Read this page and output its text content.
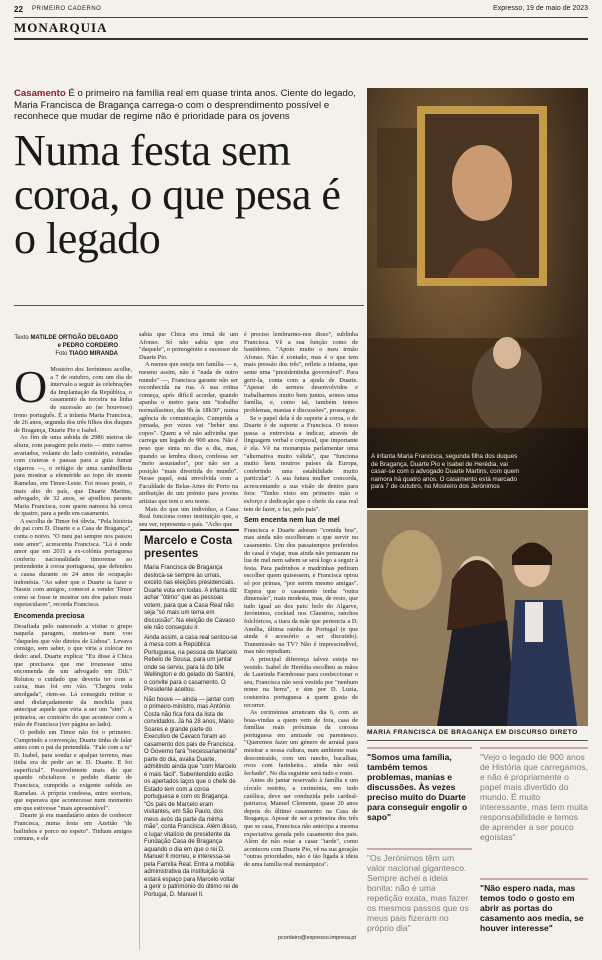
22 PRIMEIRO CADERNO	Expresso, 19 de maio de 2023
MONARQUIA
Casamento É o primeiro na família real em quase trinta anos. Ciente do legado, Maria Francisca de Bragança carrega-o com o desprendimento possível e reconhece que mudar de regime não é prioridade para os jovens
Numa festa sem coroa, o que pesa é o legado
Texto MATILDE ORTIGÃO DELGADO e PEDRO CORDEIRO
Foto TIAGO MIRANDA
O Mosteiro dos Jerónimos acolhe, a 7 de outubro, com um dia de intervalo a seguir às celebrações da Implantação da República, o casamento da terceira na linha de sucessão ao (se houvesse) trono português. É a infanta Maria Francisca, de 26 anos, segunda dos três filhos dos duques de Bragança, Duarte Pio e Isabel.

Ao fim de uma subida de 2986 metros de altura, com paragem pelo meio — entre carros avariados, volante do lado contrário, estradas com crateras e pausas para a guia fumar cigarros —, o refúgio de uma cambuflhota para mostrar a efeméride ao topo do monte Ramelau, em Timor-Leste. Foi nosso posto, o mais alto do país, que Duarte Martins, advogado, de 32 anos, se ajoelhou perante Maria Francisca, com quem namora há cerca de quatro, para a pedir em casamento.

A escolha de Timor foi óbvia. "Pela história do pai com D. Duarte e a Casa de Bragança", conta o noivo. "O meu pai sempre nos passou este amor", acrescenta Francisca. "Lá é onde amor que em 2011 a ex-colónia portuguesa conferiu nacionalidade timorense ao pretendente à coroa portuguesa, que defendeu a causa durante os 24 anos de ocupação indonésia. "Ao saber que o Duarte ia fazer o Nassiz com amigos, comecei a vender Timor como se fosse te mostrar um dos países mais espetaculares", recorda Francisca.

Encomenda preciosa

Desafiada pelo namorado a visitar o grupo naquela paragem, meteu-se num voo "daqueles que vão diretos de Lisboa". Levava consigo, sem saber, o que viria a colocar no dedo: anel. Duarte explica: "Eu disse à Chica que precisava que me trouxesse uma encomenda de um advogado em Dili." Relutou o cuidado que deveria ter com a caixa, mas foi em vão. "Chegou toda amolgada", riem-se. Lá conseguiu retirar o anel disfarçadamente da mochila para antecipar aquele que viria a ser um "sim". A primeira, ao contrário do que acontece com a mão de Francisca (ver página ao lado).

O pedido em Timor não foi o primeiro. Cumprindo a convenção, Duarte tinha de falar antes com o pai da pretendida. "Fale com a tu" D. Isabel, para sondar e apalpar terreno, mas tinha era de pedir ao sr. D. Duarte. E foi superficial". Possivelmente mais do que quando oficializou o pedido diante de Francisca, cumprida a exigente subida ao Ramelau. A própria confessa, entre sorrisos, que esperava que acontecesse num momento em que estivesse "mais apresentável".

Duarte já era mandatário antes de conhecer Francisca, numa festa em Azeitão "de bailinhos e porco no espeto". Tinham amigos comuns, e ele

sabia que Chica era irmã de um Afonso. Só não sabia que era "daquele", o primogénito e sucessor de Duarte Pio.

A menos que esteja em família — e, mesmo assim, não é "nada de outro mundo" —, Francisca garante não ser reconhecida na rua. A sua rotina começa, após difícil acordar, quando apanha o metro para um "trabalho normalíssimo, das 9h às 18h30", numa agência de comunicação. Cumprida a jornada, por vezes vai "beber uns copos". Quem a vê não adivinha que carrega um legado de 900 anos. Não é peso que sinta no dia a dia, mas, quando se lembra disso, confessa ser "meio assustador", por não ser a posição "mais divertida do mundo". Nesse papel, está envolvida com a Faculdade de Belas-Artes do Porto na atribuição de um prémio para jovens artistas que tem o seu nome.

Mais do que um indivíduo, a Casa Real funciona como instituição que, a seu ver, representa o país. "Acho que

Marcelo e Costa presentes

Maria Francisca de Bragança desloca-se sempre às urnas, exceto nas eleições presidenciais. Duarte vota em todas. A infanta diz achar "ótimo" que as pessoas votem, para que a Casa Real não seja "só mais um tema em discussão". Na eleição de Cavaco ele não conseguiu ir.

Ainda assim, a casa real sentou-se à mesa com a República Portuguesa, na pessoa de Marcelo Rebelo de Sousa, para um jantar onde se serviu, para lá do bife Wellington e do gelado do Santini, o convite para o casamento. O Presidente aceitou.

Não houve — ainda — jantar com o primeiro-ministro, mas António Costa não fica fora da lista de convidados. Já há 28 anos, Mário Soares e grande parte do Executivo de Cavaco foram ao casamento dos pais de Francisca. O Governo fará "necessariamente" parte do dia, avalia Duarte, admitindo ainda que "com Marcelo é mais fácil". Subentendido estão os apertados laços que o chefe de Estado tem com a coroa portuguesa e com os Bragança. "Os pais de Marcelo eram visitantes, em São Paulo, dos meus avós da parte da minha mãe", conta Francisca. Além disso, o lugar vitalício de presidente da Fundação Casa de Bragança aquando o dia em que o rei D. Manuel II morreu, e interessa-se pela Família Real. Entra a mobilia administrativa da instituição lá estará espaço para Marcelo voltar a gerir o património do último rei de Portugal, D. Manuel II.

é preciso lembrarmo-nos disso", sublinha Francisca. Vê a sua função como de bastidores. "Apoio muito o meu irmão Afonso. Não é contado, mas é o que tem mais pressão dos três", reflete a infanta, que sente uma "presidentinha governável". Para gerir-la, conta com a ajuda de Duarte. "Apesar de sermos desenvolvidos e trabalharmos muito bem juntos, somos uma família, e, como tal, também temos problemas, manias e discussões", prossegue.

Se o papel dela é de suporte à coroa, o de Duarte é de suporte a Francisca. O nosso passa a entrevista a indicar, através de linguagem verbal e corporal, que importante é ela. Vê na monarquia parlamentar uma "alternativa muito válida", que "funciona muito bem noutros países da Europa, conferindo uma estabilidade muito particular". A sua futura mulher concorda, acrescentando a sua visão de dentro para fora: "Tenho visto em primeiro mão o esforço e dedicação que o chefe da casa real tem de fazer, e faz, pelo país".

Sem encenta nem lua de mel

Francisca e Duarte adoram "comida boa", mas ainda não escolheram o que servir no casamento. Um dos passatempos preferidos do casal é viajar, mas ainda não pensaram na lua de mel nem sabem se será logo a seguir à festa. Para padrinhos e madrinhas pediram escolher quem quisessem, e Francisca optou só por primas, "por serem mesmo amigas". Espera que o casamento tenha "outra dimensão", mais modesta, mas, de resto, que tudo igual ao dos pais: bolo do Algarve, Jerónimos, cocktail nos Claustros, ranchos folclóricos, a tiara da mãe que pertencia a D. Amélia, última rainha de Portugal (e que ainda é acessório a ser discutido). Transmissão na TV? Não é imprescindível, mas não repudiam.

A principal diferença talvez esteja no vestido. Isabel de Herédia escolheu as mãos de Laurinda Farmhouse para confeccionar o seu, Francisca não será vestida por "nenhum nome na berra", e sim por D. Luzia, costureira portuguesa a quem gosta de recorrer.

As cerimónias arrancam dia 6, com as boas-vindas a quem vem de fora, casa de famílias reais próximas da corossa portuguesa em amizade ou parentesco. "Queremos fazer um género de arraial para mostrar a nossa cultura, num ambiente mais descontraído, com um rancho, bacalhau, ovos com farinheira... ainda não está fechado". No dia seguinte será tudo e rosto.

Antes do jantar reservado à família e um círculo restrito, a cerimónia, em tudo católica, deve ser conduzida pelo cardeal-patriarca, Manuel Clemente, quase 20 anos depois do último casamento na Casa de Bragança. Apesar de ser a primeira dos três que se casa, Francisca não antecipa a mesma expectativa gerada pelo casamento dos pais. Além de não estar a casar "tarde", como aconteceu com Duarte Pio, vê na sua geração "outras prioridades, não é tão ligada à ideia de uma família real monárquica".

pcordeiro@expresso.impresa.pt
A infanta Maria Francisca, segunda filha dos duques de Bragança, Duarte Pio e Isabel de Herédia, vai casar-se com o advogado Duarte Martins, com quem namora há quatro anos. O casamento está marcado para 7 de outubro, no Mosteiro dos Jerónimos
MARIA FRANCISCA DE BRAGANÇA EM DISCURSO DIRETO
"Somos uma família, também temos problemas, manias e discussões. Às vezes preciso muito do Duarte para conseguir engolir o sapo"
"Vejo o legado de 900 anos de História que carregamos, e não é propriamente o papel mais divertido do mundo. É muito interessante, mas tem muita responsabilidade e temos de aprender a ser pouco egoístas"
"Os Jerónimos têm um valor nacional gigantesco. Sempre achei a ideia bonita: não é uma repetição exata, mas fazer os mesmos passos que os meus pais fizeram no próprio dia"
"Não espero nada, mas temos todo o gosto em abrir as portas do casamento aos media, se houver interesse"
